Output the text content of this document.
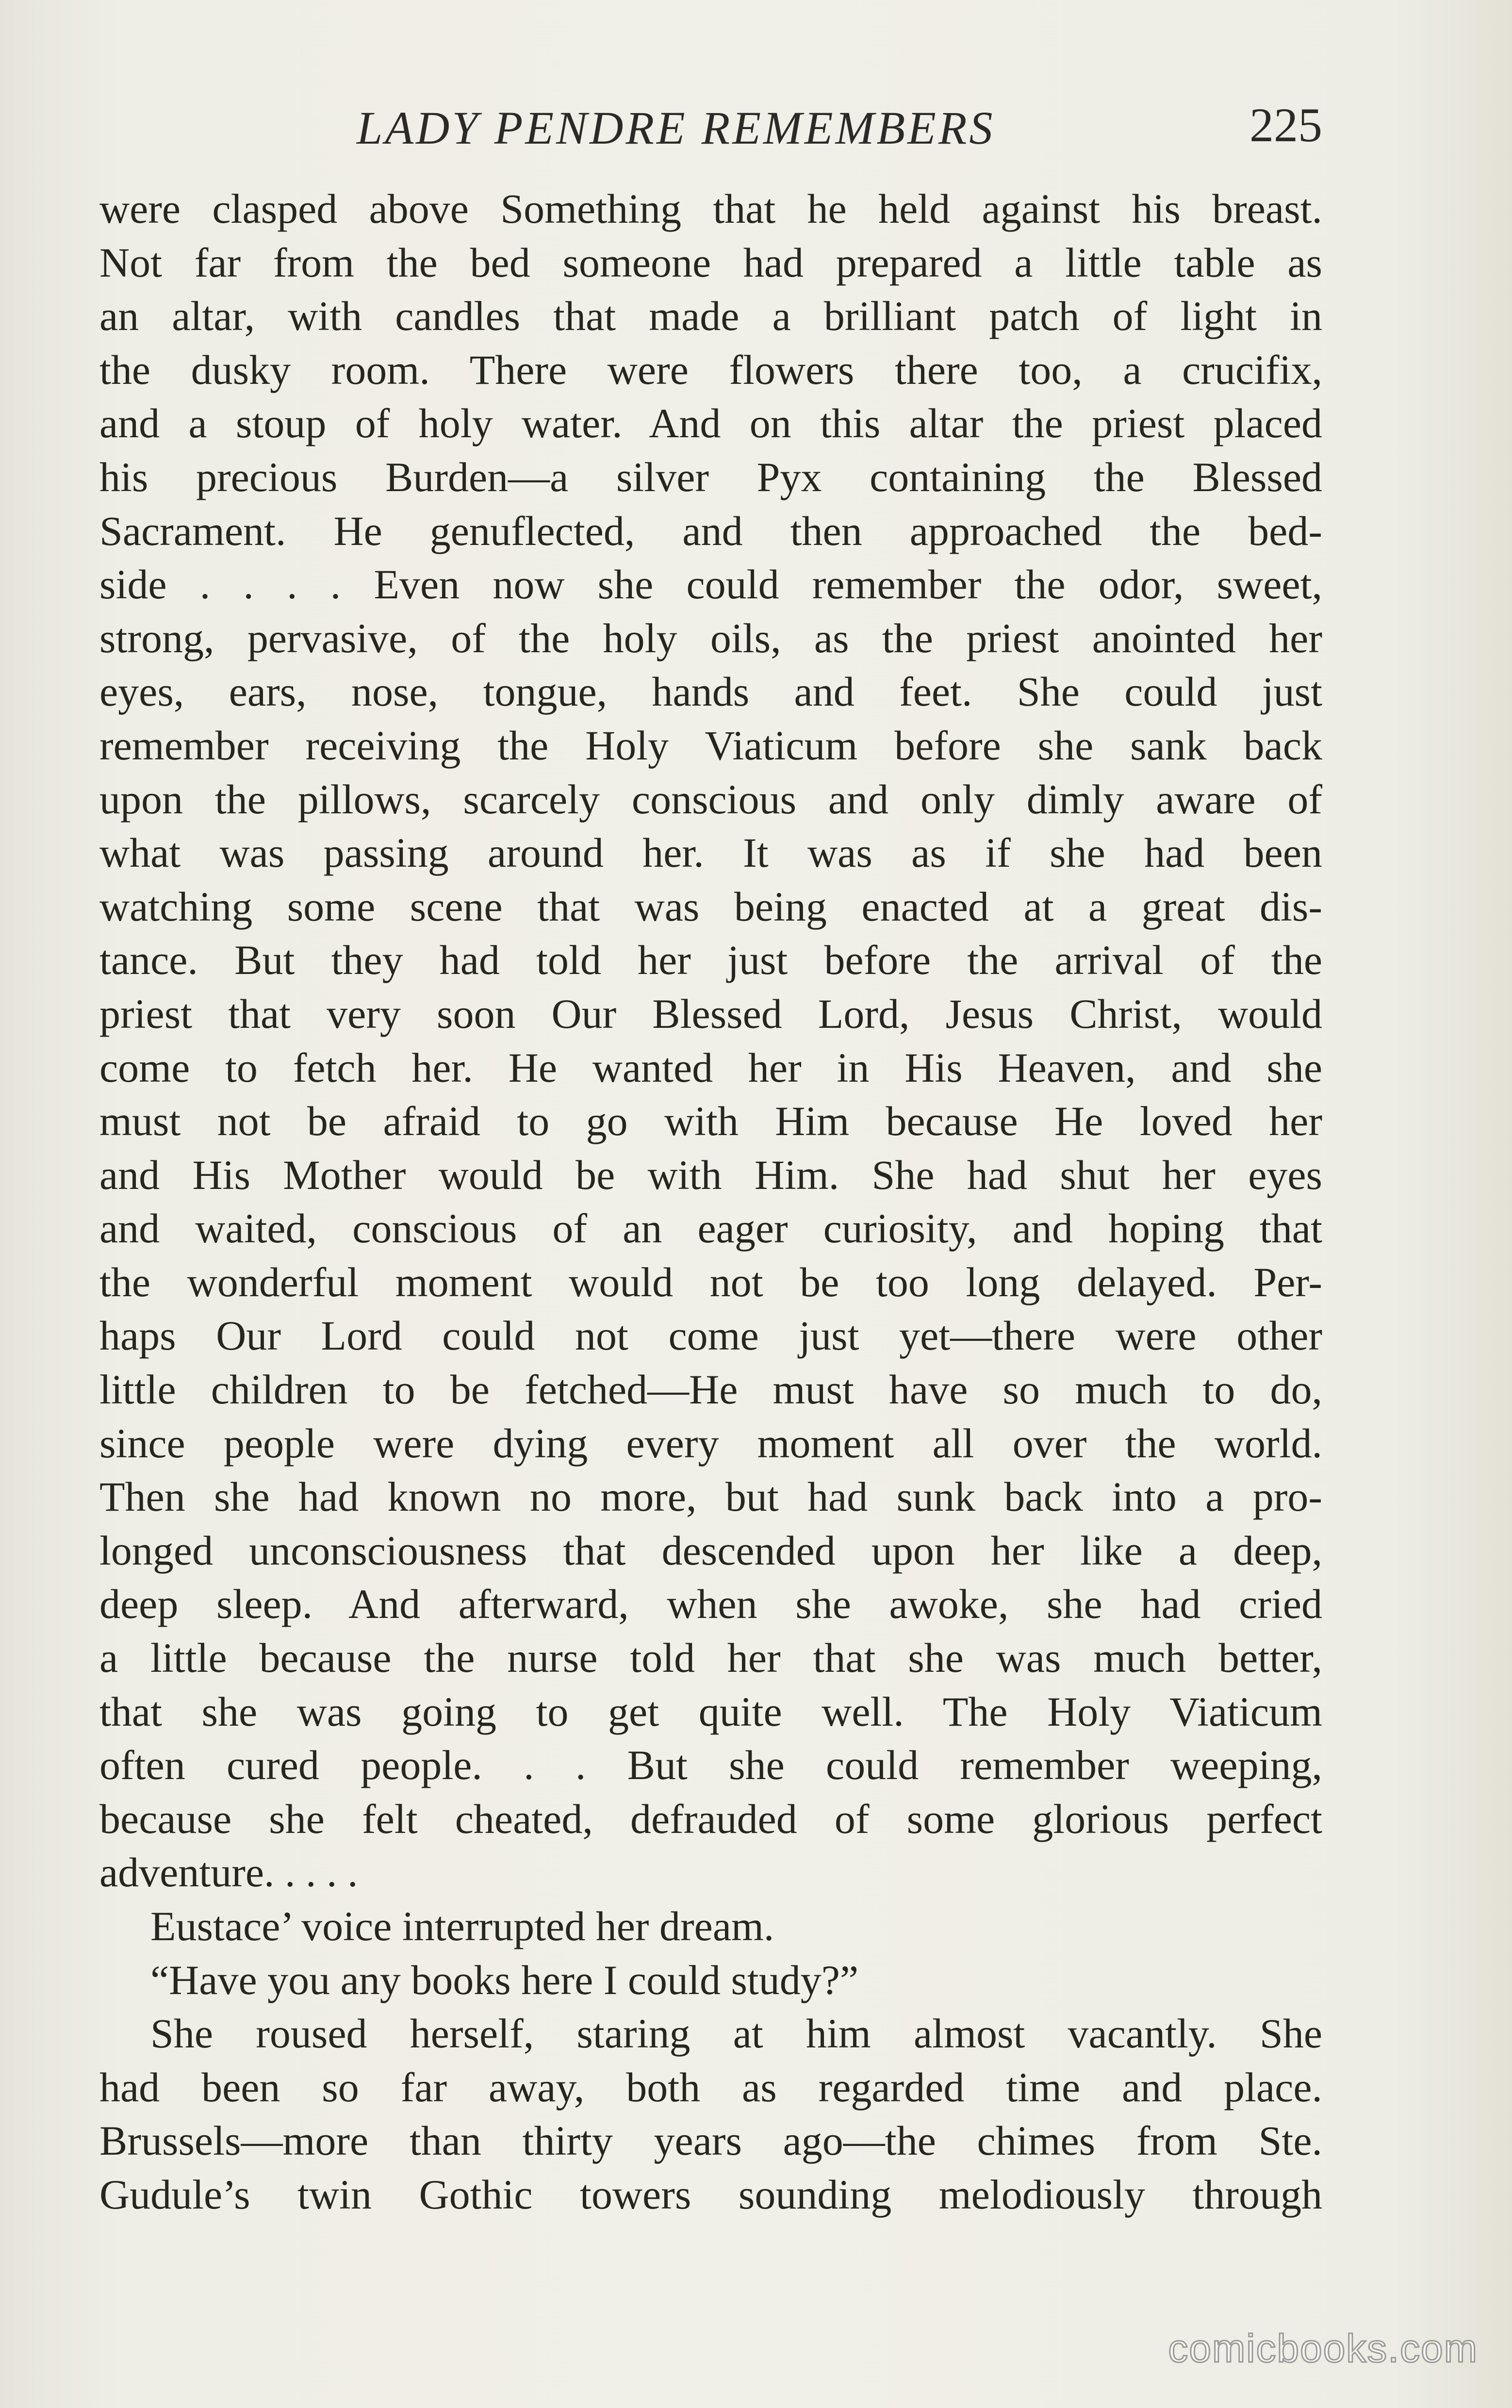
LADY PENDRE REMEMBERS	225
were clasped above Something that he held against his breast.
Not far from the bed someone had prepared a little table as
an altar, with candles that made a brilliant patch of light in
the dusky room. There were flowers there too, a crucifix,
and a stoup of holy water. And on this altar the priest placed
his precious Burden—a silver Pyx containing the Blessed
Sacrament. He genuflected, and then approached the bed-
side . . . . Even now she could remember the odor, sweet,
strong, pervasive, of the holy oils, as the priest anointed her
eyes, ears, nose, tongue, hands and feet. She could just
remember receiving the Holy Viaticum before she sank back
upon the pillows, scarcely conscious and only dimly aware of
what was passing around her. It was as if she had been
watching some scene that was being enacted at a great dis-
tance. But they had told her just before the arrival of the
priest that very soon Our Blessed Lord, Jesus Christ, would
come to fetch her. He wanted her in His Heaven, and she
must not be afraid to go with Him because He loved her
and His Mother would be with Him. She had shut her eyes
and waited, conscious of an eager curiosity, and hoping that
the wonderful moment would not be too long delayed. Per-
haps Our Lord could not come just yet—there were other
little children to be fetched—He must have so much to do,
since people were dying every moment all over the world.
Then she had known no more, but had sunk back into a pro-
longed unconsciousness that descended upon her like a deep,
deep sleep. And afterward, when she awoke, she had cried
a little because the nurse told her that she was much better,
that she was going to get quite well. The Holy Viaticum
often cured people. . . But she could remember weeping,
because she felt cheated, defrauded of some glorious perfect
adventure. . . . .
Eustace’ voice interrupted her dream.
“Have you any books here I could study?”
She roused herself, staring at him almost vacantly. She
had been so far away, both as regarded time and place.
Brussels—more than thirty years ago—the chimes from Ste.
Gudule’s twin Gothic towers sounding melodiously through
comicbooks.com
